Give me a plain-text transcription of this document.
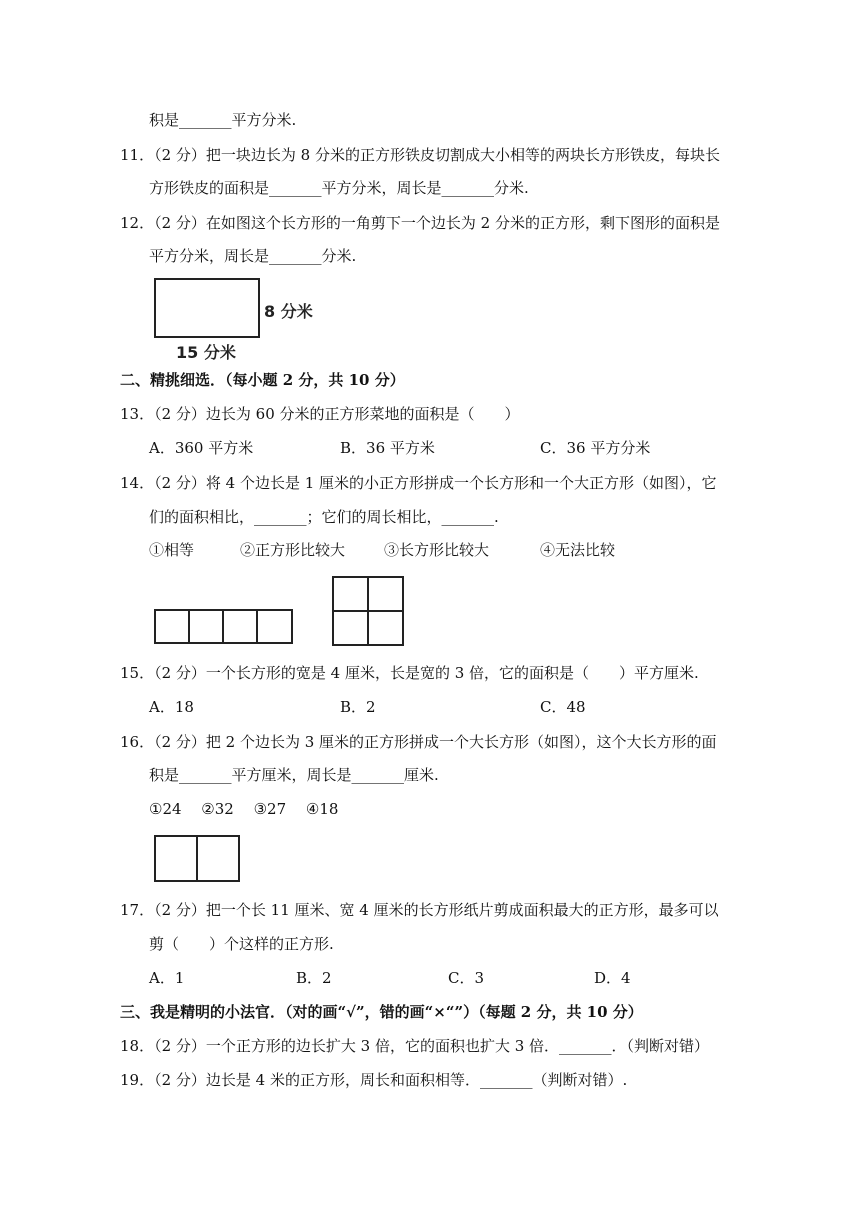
积是_______平方分米.
11．（2 分）把一块边长为 8 分米的正方形铁皮切割成大小相等的两块长方形铁皮，每块长
方形铁皮的面积是_______平方分米，周长是_______分米.
12．（2 分）在如图这个长方形的一角剪下一个边长为 2 分米的正方形，剩下图形的面积是
平方分米，周长是_______分米.
8 分米
15 分米
二、精挑细选．（每小题 2 分，共 10 分）
13．（2 分）边长为 60 分米的正方形菜地的面积是（　　）
A．360 平方米	B．36 平方米	C．36 平方分米
14．（2 分）将 4 个边长是 1 厘米的小正方形拼成一个长方形和一个大正方形（如图），它
们的面积相比，_______；它们的周长相比，_______.
①相等	②正方形比较大	③长方形比较大	④无法比较
15．（2 分）一个长方形的宽是 4 厘米，长是宽的 3 倍，它的面积是（　　）平方厘米.
A．18	B．2	C．48
16．（2 分）把 2 个边长为 3 厘米的正方形拼成一个大长方形（如图），这个大长方形的面
积是_______平方厘米，周长是_______厘米.
①24　 ②32　 ③27　 ④18
17．（2 分）把一个长 11 厘米、宽 4 厘米的长方形纸片剪成面积最大的正方形，最多可以
剪（　　）个这样的正方形.
A．1	B．2	C．3	D．4
三、我是精明的小法官．（对的画“√”，错的画“×“”）（每题 2 分，共 10 分）
18．（2 分）一个正方形的边长扩大 3 倍，它的面积也扩大 3 倍．_______．（判断对错）
19．（2 分）边长是 4 米的正方形，周长和面积相等．_______（判断对错）.
